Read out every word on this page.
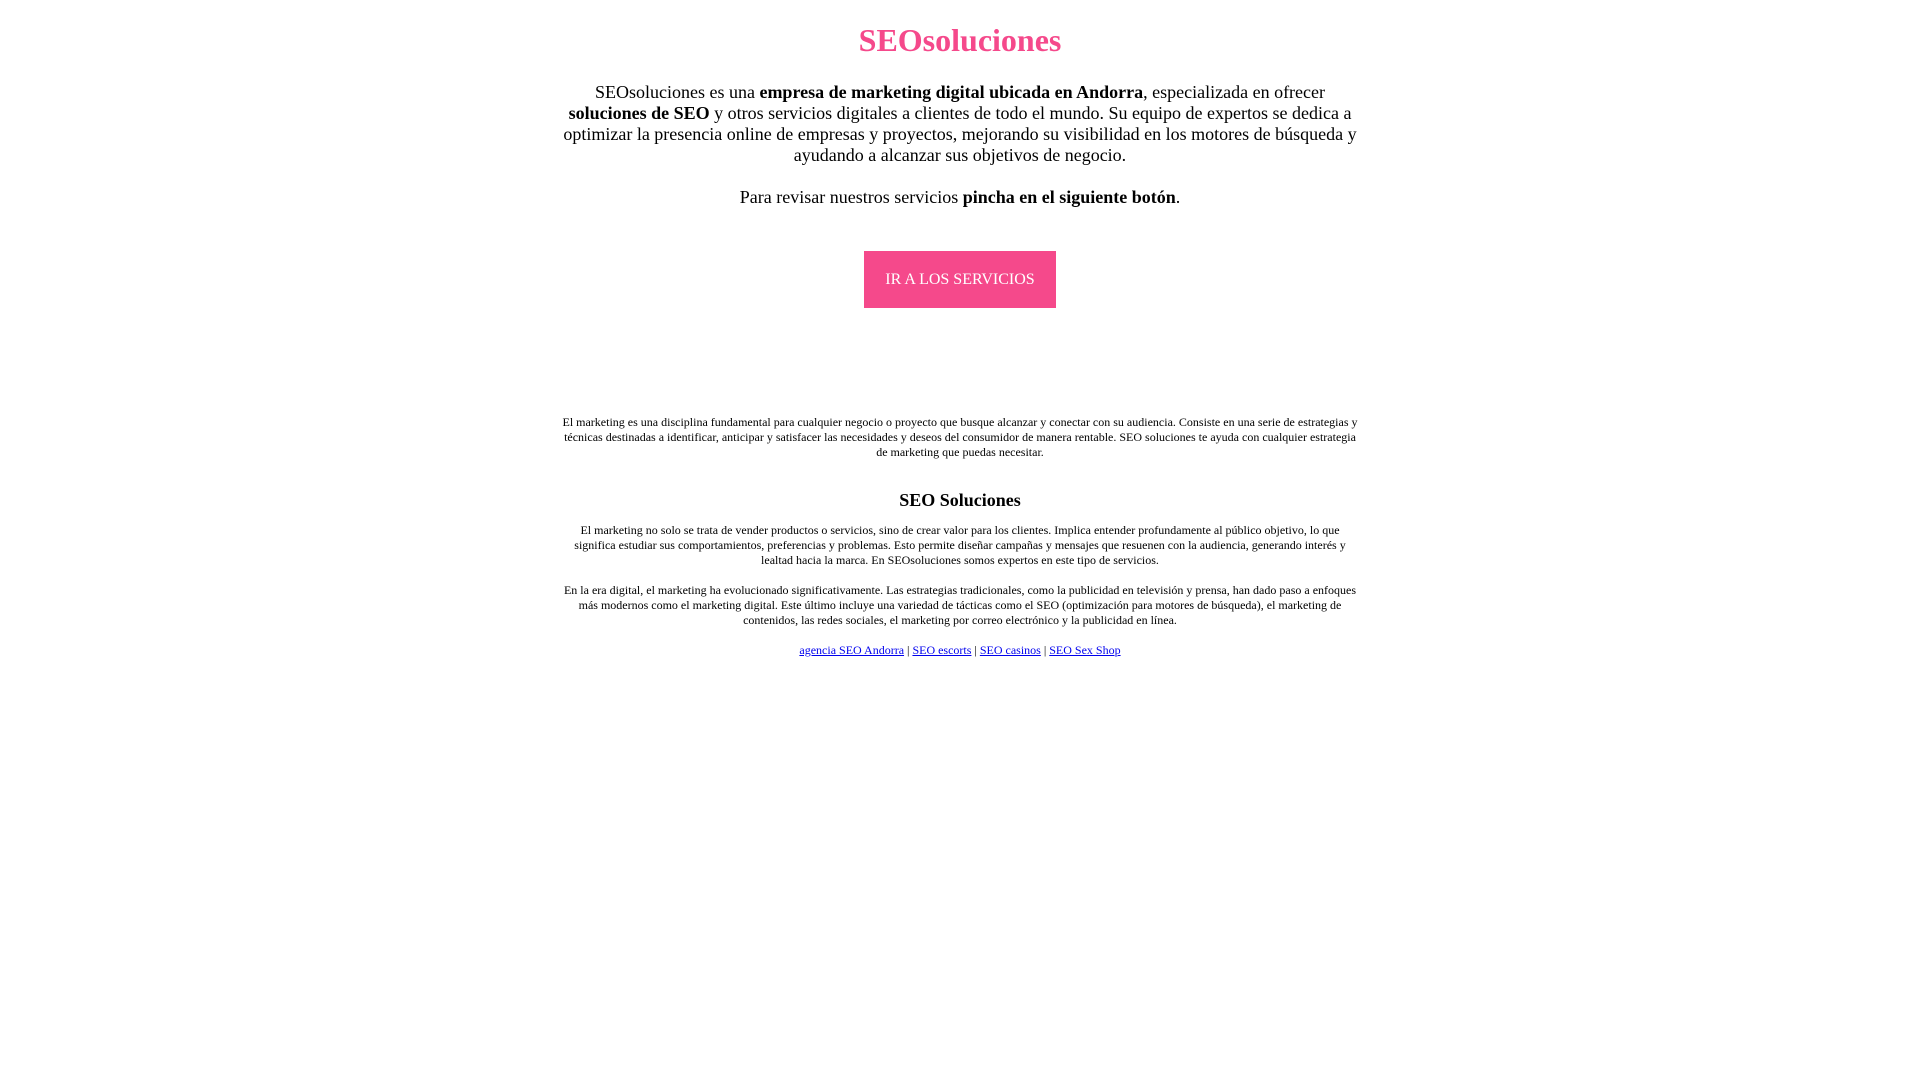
SEOsoluciones

SEOsoluciones es una empresa de marketing digital ubicada en Andorra, especializada en ofrecer soluciones de SEO y otros servicios digitales a clientes de todo el mundo. Su equipo de expertos se dedica a optimizar la presencia online de empresas y proyectos, mejorando su visibilidad en los motores de búsqueda y ayudando a alcanzar sus objetivos de negocio.

Para revisar nuestros servicios pincha en el siguiente botón.

IR A LOS SERVICIOS

El marketing es una disciplina fundamental para cualquier negocio o proyecto que busque alcanzar y conectar con su audiencia. Consiste en una serie de estrategias y técnicas destinadas a identificar, anticipar y satisfacer las necesidades y deseos del consumidor de manera rentable. SEO soluciones te ayuda con cualquier estrategia de marketing que puedas necesitar.

SEO Soluciones

El marketing no solo se trata de vender productos o servicios, sino de crear valor para los clientes. Implica entender profundamente al público objetivo, lo que significa estudiar sus comportamientos, preferencias y problemas. Esto permite diseñar campañas y mensajes que resuenen con la audiencia, generando interés y lealtad hacia la marca. En SEOsoluciones somos expertos en este tipo de servicios.

En la era digital, el marketing ha evolucionado significativamente. Las estrategias tradicionales, como la publicidad en televisión y prensa, han dado paso a enfoques más modernos como el marketing digital. Este último incluye una variedad de tácticas como el SEO (optimización para motores de búsqueda), el marketing de contenidos, las redes sociales, el marketing por correo electrónico y la publicidad en línea.

agencia SEO Andorra | SEO escorts | SEO casinos | SEO Sex Shop
